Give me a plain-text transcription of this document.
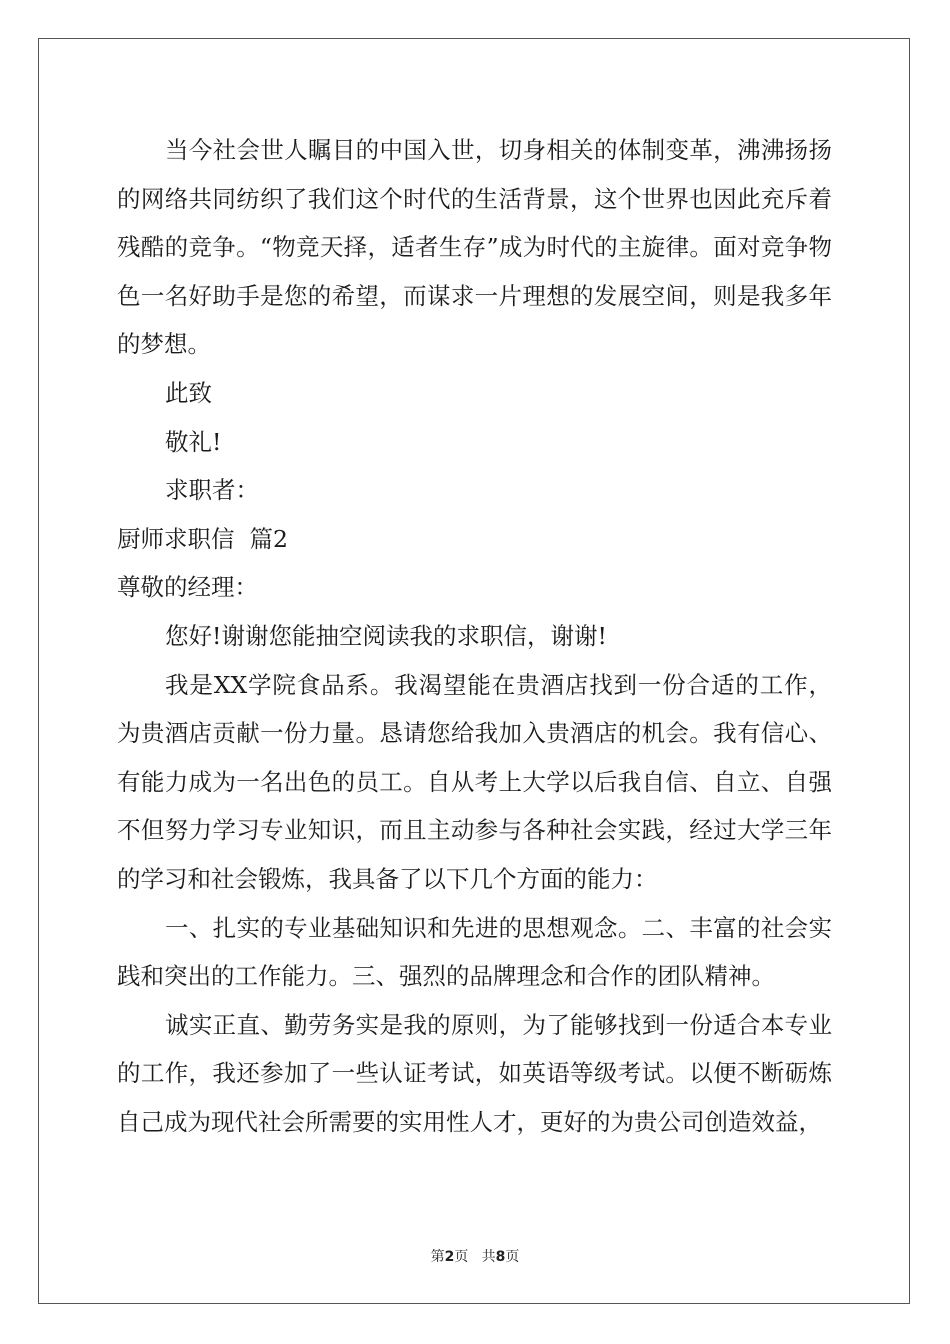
当今社会世人瞩目的中国入世，切身相关的体制变革，沸沸扬扬的网络共同纺织了我们这个时代的生活背景，这个世界也因此充斥着残酷的竞争。“物竞天择，适者生存”成为时代的主旋律。面对竞争物色一名好助手是您的希望，而谋求一片理想的发展空间，则是我多年的梦想。

此致

敬礼!

求职者：

厨师求职信  篇2

尊敬的经理：

您好!谢谢您能抽空阅读我的求职信，谢谢!

我是XX学院食品系。我渴望能在贵酒店找到一份合适的工作，为贵酒店贡献一份力量。恳请您给我加入贵酒店的机会。我有信心、有能力成为一名出色的员工。自从考上大学以后我自信、自立、自强不但努力学习专业知识，而且主动参与各种社会实践，经过大学三年的学习和社会锻炼，我具备了以下几个方面的能力：

一、扎实的专业基础知识和先进的思想观念。二、丰富的社会实践和突出的工作能力。三、强烈的品牌理念和合作的团队精神。

诚实正直、勤劳务实是我的原则，为了能够找到一份适合本专业的工作，我还参加了一些认证考试，如英语等级考试。以便不断砺炼自己成为现代社会所需要的实用性人才，更好的为贵公司创造效益，

第2页 共8页
